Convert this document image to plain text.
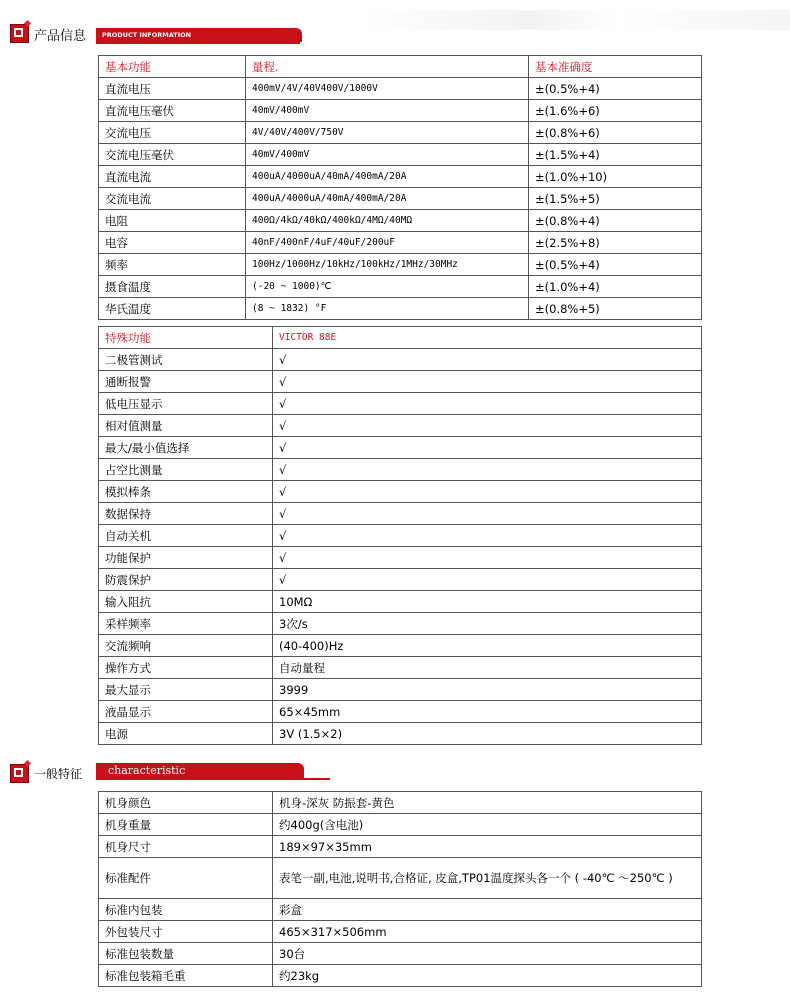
产品信息 PRODUCT INFORMATION
基本功能	量程.	基本准确度
直流电压	400mV/4V/40V400V/1000V	±(0.5%+4)
直流电压毫伏	40mV/400mV	±(1.6%+6)
交流电压	4V/40V/400V/750V	±(0.8%+6)
交流电压毫伏	40mV/400mV	±(1.5%+4)
直流电流	400uA/4000uA/40mA/400mA/20A	±(1.0%+10)
交流电流	400uA/4000uA/40mA/400mA/20A	±(1.5%+5)
电阻	400Ω/4kΩ/40kΩ/400kΩ/4MΩ/40MΩ	±(0.8%+4)
电容	40nF/400nF/4uF/40uF/200uF	±(2.5%+8)
频率	100Hz/1000Hz/10kHz/100kHz/1MHz/30MHz	±(0.5%+4)
摄食温度	(-20 ~ 1000)℃	±(1.0%+4)
华氏温度	(8 ~ 1832) °F	±(0.8%+5)
特殊功能	VICTOR 88E
二极管测试	√
通断报警	√
低电压显示	√
相对值测量	√
最大/最小值选择	√
占空比测量	√
模拟棒条	√
数据保持	√
自动关机	√
功能保护	√
防震保护	√
输入阻抗	10MΩ
采样频率	3次/s
交流频响	(40-400)Hz
操作方式	自动量程
最大显示	3999
液晶显示	65×45mm
电源	3V (1.5×2)
一般特征 characteristic
机身颜色	机身-深灰 防振套-黄色
机身重量	约400g(含电池)
机身尺寸	189×97×35mm
标准配件	表笔一副,电池,说明书,合格证, 皮盒,TP01温度探头各一个 ( -40℃ ～250℃ )
标准内包装	彩盒
外包装尺寸	465×317×506mm
标准包装数量	30台
标准包装箱毛重	约23kg
